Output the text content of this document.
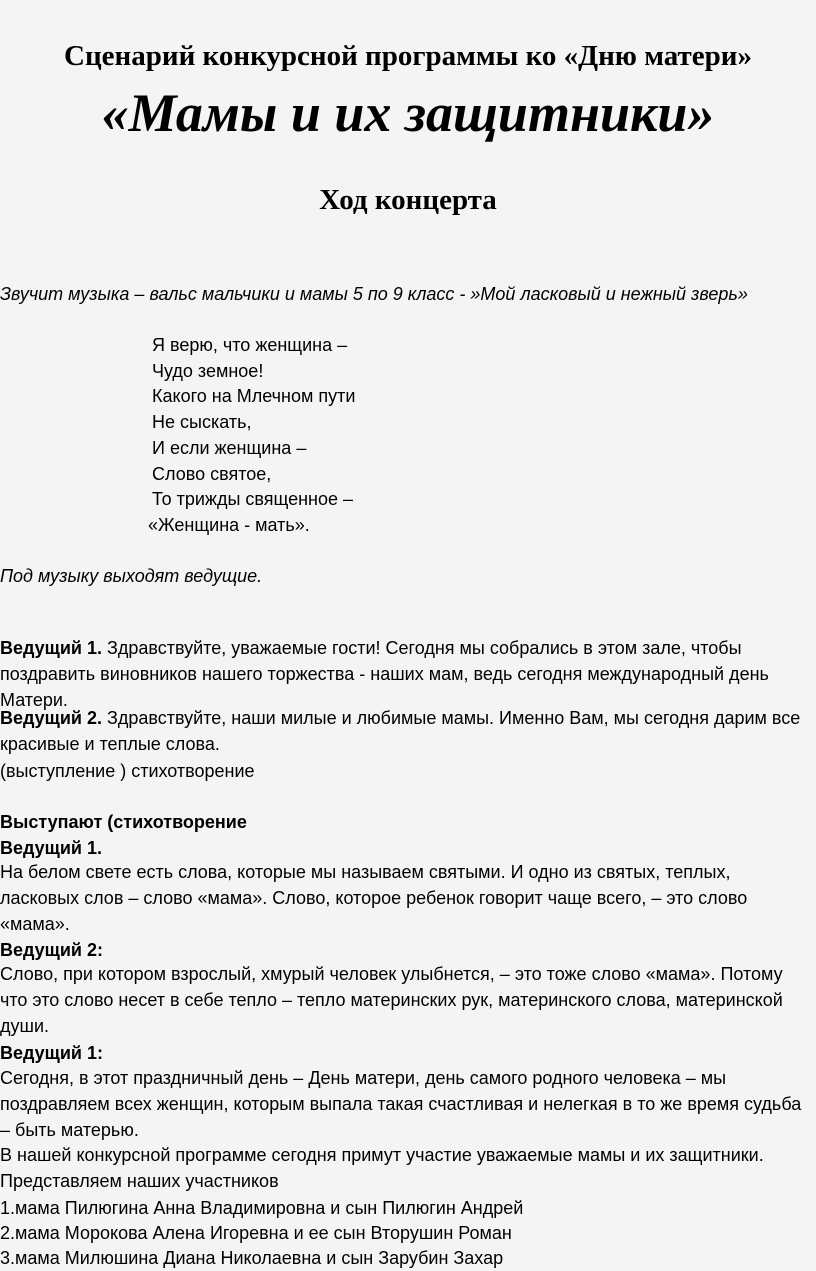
Сценарий конкурсной программы ко «Дню матери»
«Мамы и их защитники»
Ход концерта

Звучит музыка – вальс мальчики и мамы 5 по 9 класс - »Мой ласковый и нежный зверь»

Я верю, что женщина –
Чудо земное!
Какого на Млечном пути
Не сыскать,
И если женщина –
Слово святое,
То трижды священное –
«Женщина - мать».

Под музыку выходят ведущие.

Ведущий 1. Здравствуйте, уважаемые гости! Сегодня мы собрались в этом зале, чтобы поздравить виновников нашего торжества - наших мам, ведь сегодня международный день Матери.

Ведущий 2. Здравствуйте, наши милые и любимые мамы. Именно Вам, мы сегодня дарим все красивые и теплые слова.

(выступление ) стихотворение

Выступают (стихотворение

Ведущий 1.

На белом свете есть слова, которые мы называем святыми. И одно из святых, теплых, ласковых слов – слово «мама». Слово, которое ребенок говорит чаще всего, – это слово «мама».

Ведущий 2:

Слово, при котором взрослый, хмурый человек улыбнется, – это тоже слово «мама». Потому что это слово несет в себе тепло – тепло материнских рук, материнского слова, материнской души.

Ведущий 1:

Сегодня, в этот праздничный день – День матери, день самого родного человека – мы поздравляем всех женщин, которым выпала такая счастливая и нелегкая в то же время судьба – быть матерью.

В нашей конкурсной программе сегодня примут участие уважаемые мамы и их защитники. Представляем наших участников

1.мама Пилюгина Анна Владимировна и сын Пилюгин Андрей

2.мама Морокова Алена Игоревна и ее сын Вторушин Роман

3.мама Милюшина Диана Николаевна и сын Зарубин Захар
